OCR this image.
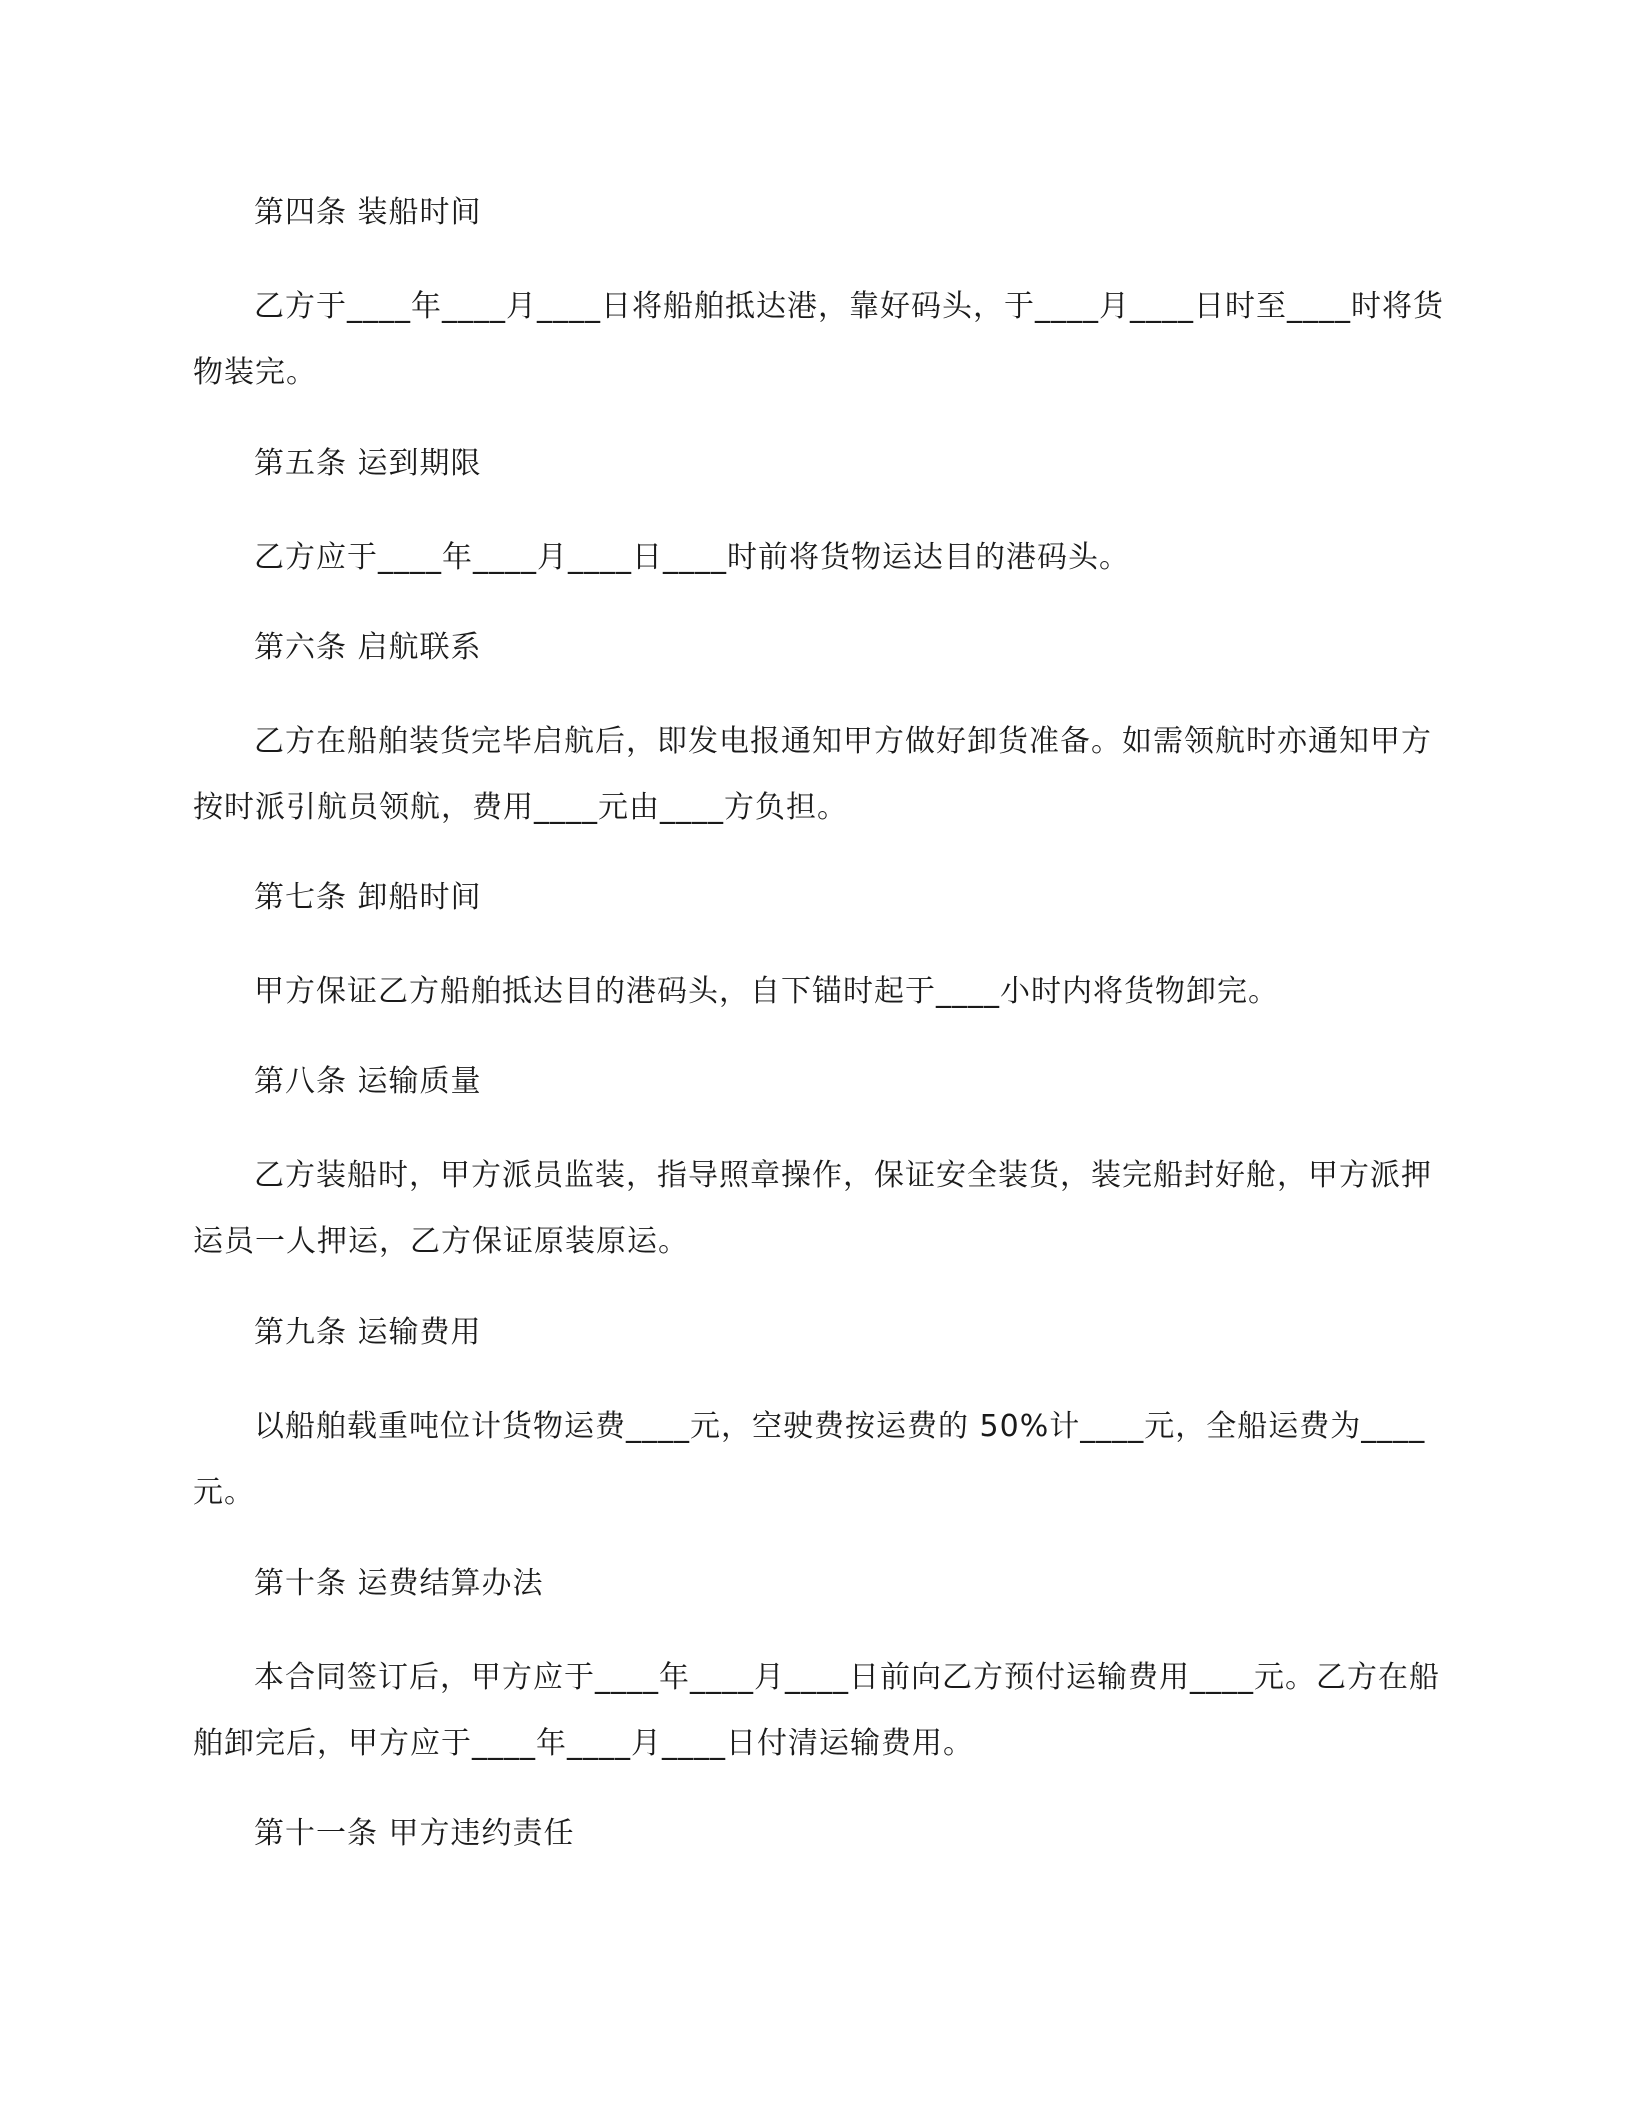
第四条 装船时间
乙方于____年____月____日将船舶抵达港，靠好码头，于____月____日时至____时将货物装完。
第五条 运到期限
乙方应于____年____月____日____时前将货物运达目的港码头。
第六条 启航联系
乙方在船舶装货完毕启航后，即发电报通知甲方做好卸货准备。如需领航时亦通知甲方按时派引航员领航，费用____元由____方负担。
第七条 卸船时间
甲方保证乙方船舶抵达目的港码头，自下锚时起于____小时内将货物卸完。
第八条 运输质量
乙方装船时，甲方派员监装，指导照章操作，保证安全装货，装完船封好舱，甲方派押运员一人押运，乙方保证原装原运。
第九条 运输费用
以船舶载重吨位计货物运费____元，空驶费按运费的 50%计____元，全船运费为____元。
第十条 运费结算办法
本合同签订后，甲方应于____年____月____日前向乙方预付运输费用____元。乙方在船舶卸完后，甲方应于____年____月____日付清运输费用。
第十一条 甲方违约责任
